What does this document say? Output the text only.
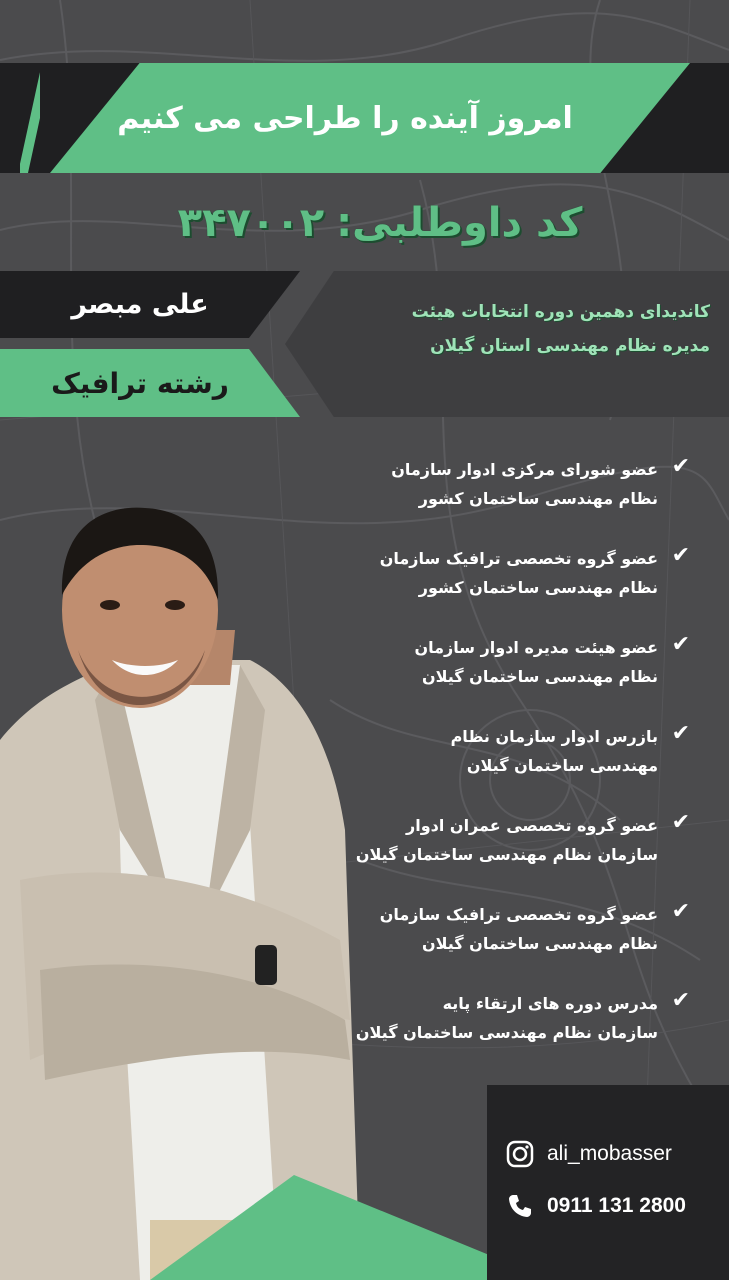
امروز آینده را طراحی می کنیم
کد داوطلبی:
۳۴۷۰۰۲
علی مبصر
رشته ترافیک
کاندیدای دهمین دوره انتخابات هیئت
مدیره نظام مهندسی استان گیلان
✔
عضو شورای مرکزی ادوار سازمان
نظام مهندسی ساختمان کشور
✔
عضو گروه تخصصی ترافیک سازمان
نظام مهندسی ساختمان کشور
✔
عضو هیئت مدیره ادوار سازمان
نظام مهندسی ساختمان گیلان
✔
بازرس ادوار سازمان نظام
مهندسی ساختمان گیلان
✔
عضو گروه تخصصی عمران ادوار
سازمان نظام مهندسی ساختمان گیلان
✔
عضو گروه تخصصی ترافیک سازمان
نظام مهندسی ساختمان گیلان
✔
مدرس دوره های ارتقاء پایه
سازمان نظام مهندسی ساختمان گیلان
ali_mobasser
0911 131 2800
